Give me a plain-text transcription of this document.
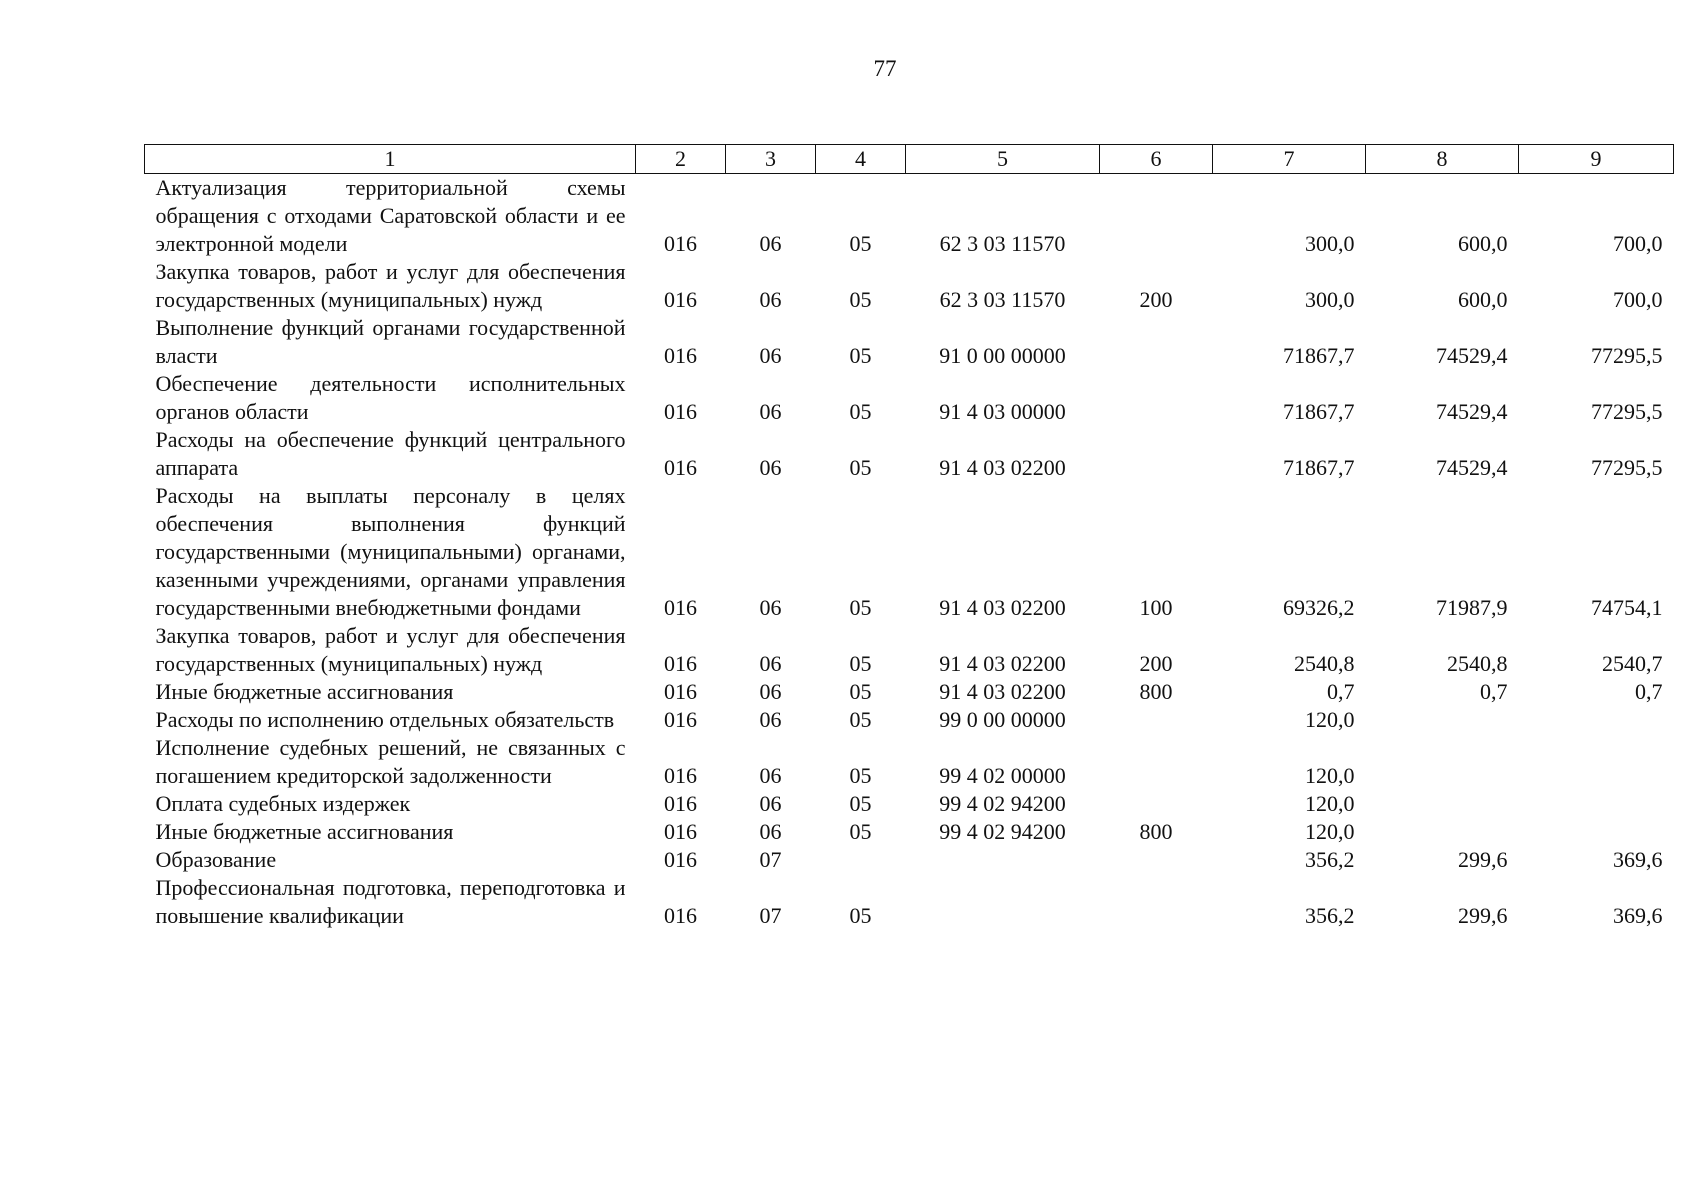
77
1	2	3	4	5	6	7	8	9
Актуализация территориальной схемы обращения с отходами Саратовской области и ее электронной модели	016	06	05	62 3 03 11570		300,0	600,0	700,0
Закупка товаров, работ и услуг для обеспечения государственных (муниципальных) нужд	016	06	05	62 3 03 11570	200	300,0	600,0	700,0
Выполнение функций органами государственной власти	016	06	05	91 0 00 00000		71867,7	74529,4	77295,5
Обеспечение деятельности исполнительных органов области	016	06	05	91 4 03 00000		71867,7	74529,4	77295,5
Расходы на обеспечение функций центрального аппарата	016	06	05	91 4 03 02200		71867,7	74529,4	77295,5
Расходы на выплаты персоналу в целях обеспечения выполнения функций государственными (муниципальными) органами, казенными учреждениями, органами управления государственными внебюджетными фондами	016	06	05	91 4 03 02200	100	69326,2	71987,9	74754,1
Закупка товаров, работ и услуг для обеспечения государственных (муниципальных) нужд	016	06	05	91 4 03 02200	200	2540,8	2540,8	2540,7
Иные бюджетные ассигнования	016	06	05	91 4 03 02200	800	0,7	0,7	0,7
Расходы по исполнению отдельных обязательств	016	06	05	99 0 00 00000		120,0		
Исполнение судебных решений, не связанных с погашением кредиторской задолженности	016	06	05	99 4 02 00000		120,0		
Оплата судебных издержек	016	06	05	99 4 02 94200		120,0		
Иные бюджетные ассигнования	016	06	05	99 4 02 94200	800	120,0		
Образование	016	07				356,2	299,6	369,6
Профессиональная подготовка, переподготовка и повышение квалификации	016	07	05			356,2	299,6	369,6
